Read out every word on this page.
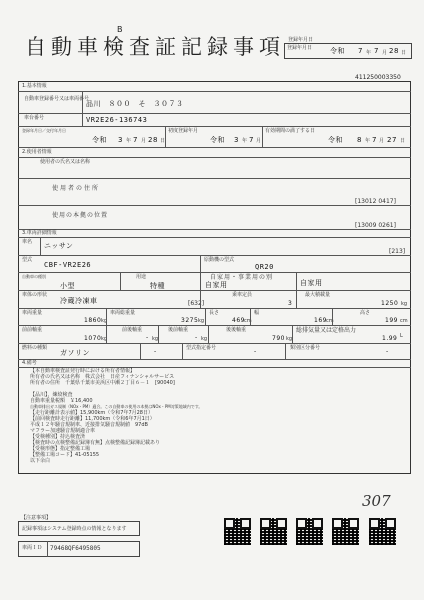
B
自動車検査証記録事項 登録年月日
登録年月日	令和 7 年 7 月 28 日
411250003350
1.基本情報
自動車登録番号又は車両番号
品川　８００　そ　３０７３
車台番号	VR2E26-136743
登録年月日／交付年月日
令和 3 年 7 月 28 日
初度登録年月
令和 3 年 7 月
有効期間の満了する日
令和 8 年 7 月 27 日
2.使用者情報
使用者の氏名又は名称
使用者の住所
[13012 0417]
使用の本拠の位置
[13009 0261]
3.車両詳細情報
車名 ニッサン
[213]
型式
CBF-VR2E26
原動機の型式
QR20
自動車の種別
小型
用途
特種
自家用・事業用の別
自家用	自家用
車体の形状
冷蔵冷凍車	[632]
乗車定員
3
最大積載量
1250 kg
車両重量
1860 kg
車両総重量
3275 kg
長さ
469 cm
幅
169 cm
高さ
199 cm
前前軸重
1070 kg
前後軸重
- kg
後前軸重
- kg
後後軸重
790 kg
総排気量又は定格出力
1.99 L
燃料の種類
ガソリン	-	型式指定番号	-	類別区分番号	-
4.備考
【本自動車検査証発行時における所有者情報】
所有者の氏名又は名称　株式会社　日産フィナンシャルサービス
所有者の住所　千葉県千葉市美浜区中瀬２丁目６－１　[90040]
【品川】，練絞検査
自動車重量税額　￥16,400
自動車排出ガス規制（NOx・PM）適合。この自動車の使用の本拠はNOx・PM対策地域内です。
【走行距離計表示値】15,900km（令和7年7月28日）
【前回検査時走行距離】11,700km（令和6年7月1日）
平成１２年騒音規制車、近接排気騒音規制値　97dB
マフラー加速騒音規制適合車
【受検種別】持込検査済
【検査時の点検整備記録簿有無】点検整備記録簿記載あり
【受検形態】指定整備工場
【整備工場コード】41-05155
以下余白
307
【注意事項】
記録事項はシステム登録時点の情報となります
車両ＩＤ 79468QF6495805
